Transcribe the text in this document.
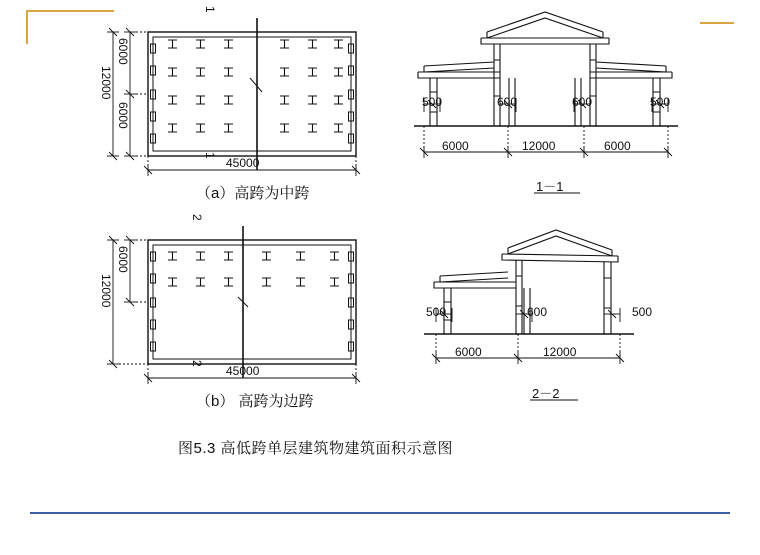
6000
6000
12000
45000
1
1
500	600	600	500
6000	12000	6000
1－1
（a）高跨为中跨
6000
12000
45000
2
2
500	600	500
6000	12000
2－2
（b） 高跨为边跨
图5.3 高低跨单层建筑物建筑面积示意图
